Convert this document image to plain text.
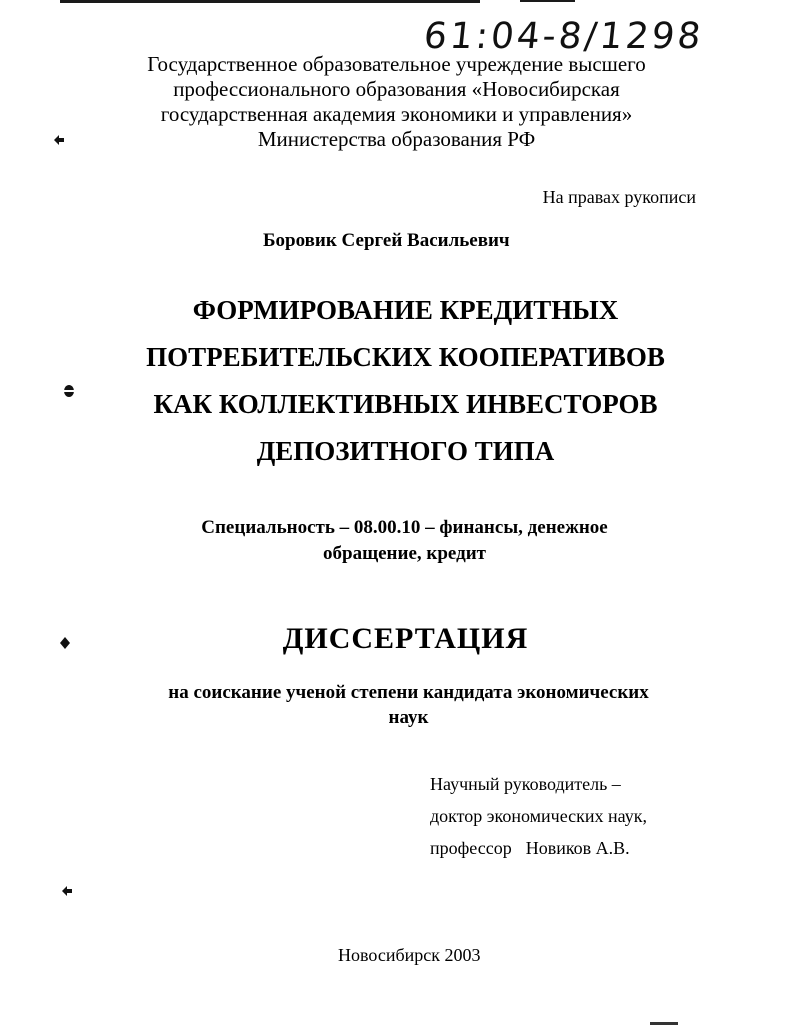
61:04-8/1298
Государственное образовательное учреждение высшего
профессионального образования «Новосибирская
государственная академия экономики и управления»
Министерства образования РФ
На правах рукописи
Боровик Сергей Васильевич
ФОРМИРОВАНИЕ КРЕДИТНЫХ
ПОТРЕБИТЕЛЬСКИХ КООПЕРАТИВОВ
КАК КОЛЛЕКТИВНЫХ ИНВЕСТОРОВ
ДЕПОЗИТНОГО ТИПА
Специальность – 08.00.10 – финансы, денежное
обращение, кредит
ДИССЕРТАЦИЯ
на соискание ученой степени кандидата экономических
наук
Научный руководитель –
доктор экономических наук,
профессор Новиков А.В.
Новосибирск 2003
